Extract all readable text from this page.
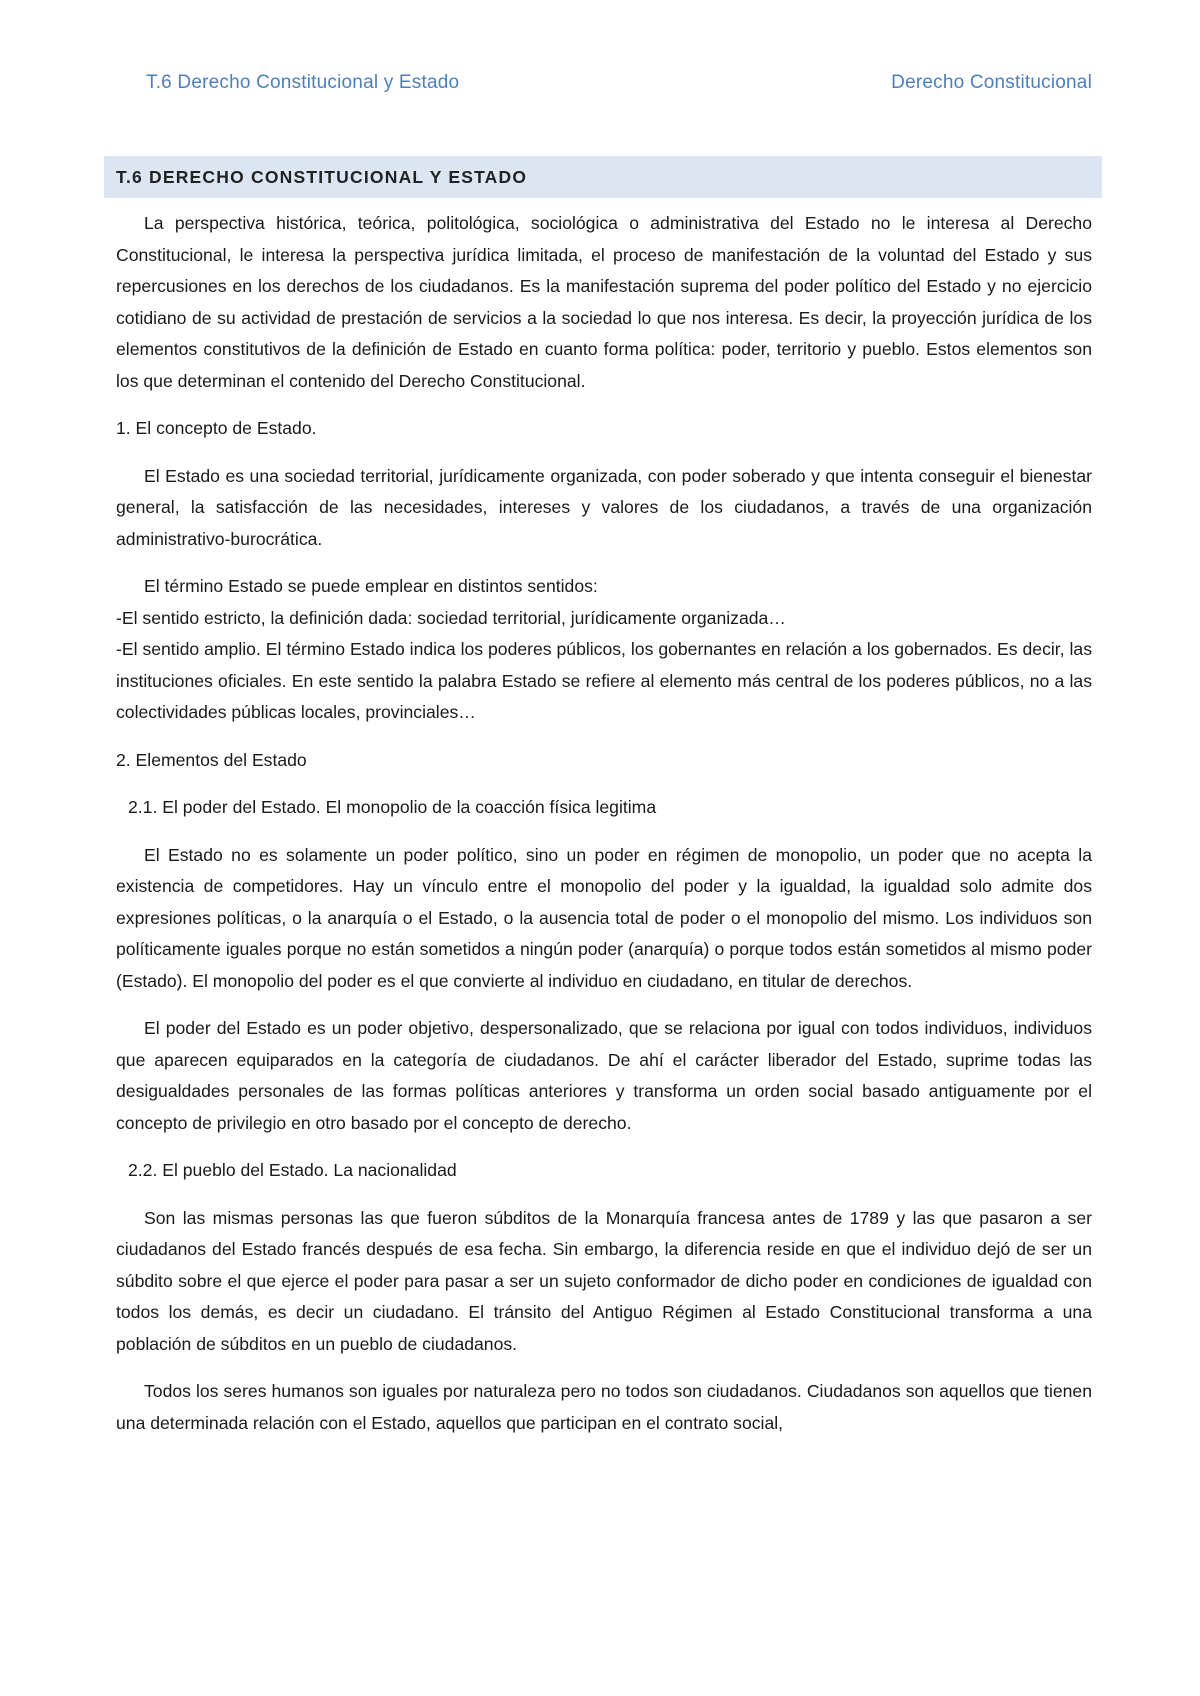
T.6 Derecho Constitucional y Estado	Derecho Constitucional
T.6 DERECHO CONSTITUCIONAL Y ESTADO

La perspectiva histórica, teórica, politológica, sociológica o administrativa del Estado no le interesa al Derecho Constitucional, le interesa la perspectiva jurídica limitada, el proceso de manifestación de la voluntad del Estado y sus repercusiones en los derechos de los ciudadanos. Es la manifestación suprema del poder político del Estado y no ejercicio cotidiano de su actividad de prestación de servicios a la sociedad lo que nos interesa. Es decir, la proyección jurídica de los elementos constitutivos de la definición de Estado en cuanto forma política: poder, territorio y pueblo. Estos elementos son los que determinan el contenido del Derecho Constitucional.

1. El concepto de Estado.

El Estado es una sociedad territorial, jurídicamente organizada, con poder soberado y que intenta conseguir el bienestar general, la satisfacción de las necesidades, intereses y valores de los ciudadanos, a través de una organización administrativo-burocrática.

El término Estado se puede emplear en distintos sentidos:

-El sentido estricto, la definición dada: sociedad territorial, jurídicamente organizada…

-El sentido amplio. El término Estado indica los poderes públicos, los gobernantes en relación a los gobernados. Es decir, las instituciones oficiales. En este sentido la palabra Estado se refiere al elemento más central de los poderes públicos, no a las colectividades públicas locales, provinciales…

2. Elementos del Estado

2.1. El poder del Estado. El monopolio de la coacción física legitima

El Estado no es solamente un poder político, sino un poder en régimen de monopolio, un poder que no acepta la existencia de competidores. Hay un vínculo entre el monopolio del poder y la igualdad, la igualdad solo admite dos expresiones políticas, o la anarquía o el Estado, o la ausencia total de poder o el monopolio del mismo. Los individuos son políticamente iguales porque no están sometidos a ningún poder (anarquía) o porque todos están sometidos al mismo poder (Estado). El monopolio del poder es el que convierte al individuo en ciudadano, en titular de derechos.

El poder del Estado es un poder objetivo, despersonalizado, que se relaciona por igual con todos individuos, individuos que aparecen equiparados en la categoría de ciudadanos. De ahí el carácter liberador del Estado, suprime todas las desigualdades personales de las formas políticas anteriores y transforma un orden social basado antiguamente por el concepto de privilegio en otro basado por el concepto de derecho.

2.2. El pueblo del Estado. La nacionalidad

Son las mismas personas las que fueron súbditos de la Monarquía francesa antes de 1789 y las que pasaron a ser ciudadanos del Estado francés después de esa fecha. Sin embargo, la diferencia reside en que el individuo dejó de ser un súbdito sobre el que ejerce el poder para pasar a ser un sujeto conformador de dicho poder en condiciones de igualdad con todos los demás, es decir un ciudadano. El tránsito del Antiguo Régimen al Estado Constitucional transforma a una población de súbditos en un pueblo de ciudadanos.

Todos los seres humanos son iguales por naturaleza pero no todos son ciudadanos. Ciudadanos son aquellos que tienen una determinada relación con el Estado, aquellos que participan en el contrato social,
